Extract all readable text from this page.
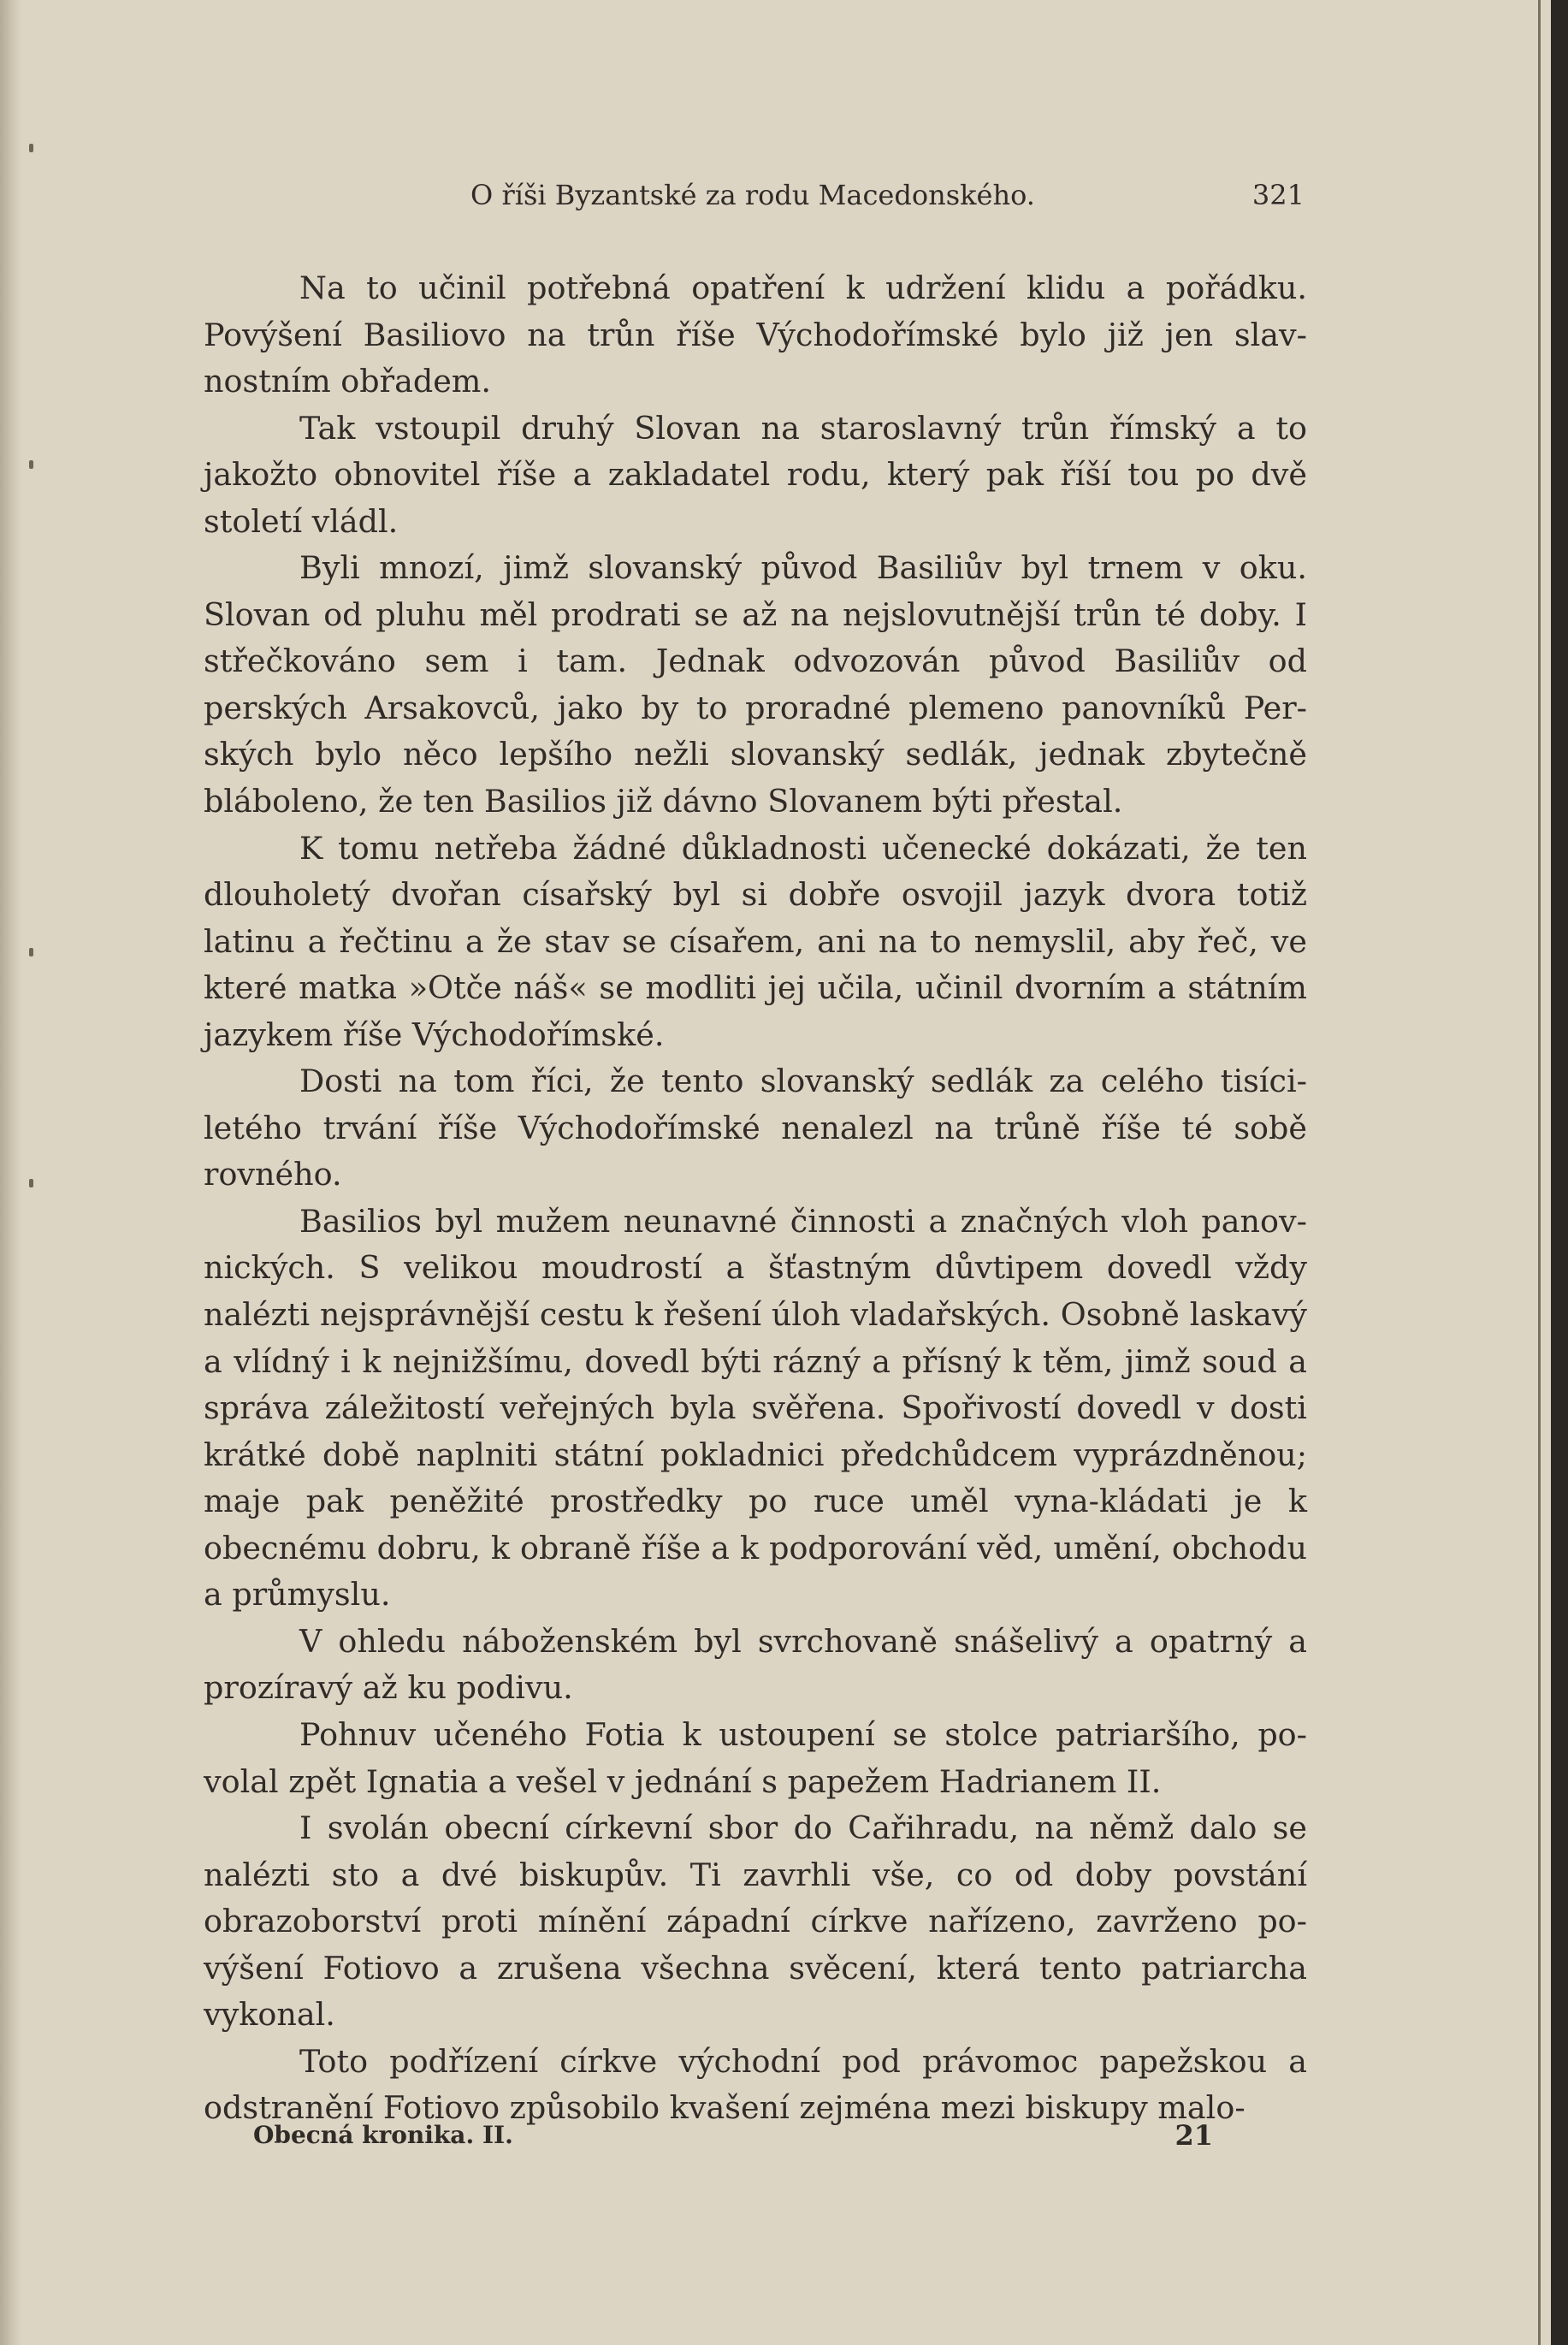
O říši Byzantské za rodu Macedonského.	321

Na to učinil potřebná opatření k udržení klidu a pořádku. Povýšení Basiliovo na trůn říše Východořímské bylo již jen slav-nostním obřadem.

Tak vstoupil druhý Slovan na staroslavný trůn římský a to jakožto obnovitel říše a zakladatel rodu, který pak říší tou po dvě století vládl.

Byli mnozí, jimž slovanský původ Basiliův byl trnem v oku. Slovan od pluhu měl prodrati se až na nejslovutnější trůn té doby. I střečkováno sem i tam. Jednak odvozován původ Basiliův od perských Arsakovců, jako by to proradné plemeno panovníků Per-ských bylo něco lepšího nežli slovanský sedlák, jednak zbytečně bláboleno, že ten Basilios již dávno Slovanem býti přestal.

K tomu netřeba žádné důkladnosti učenecké dokázati, že ten dlouholetý dvořan císařský byl si dobře osvojil jazyk dvora totiž latinu a řečtinu a že stav se císařem, ani na to nemyslil, aby řeč, ve které matka »Otče náš« se modliti jej učila, učinil dvorním a státním jazykem říše Východořímské.

Dosti na tom říci, že tento slovanský sedlák za celého tisíci-letého trvání říše Východořímské nenalezl na trůně říše té sobě rovného.

Basilios byl mužem neunavné činnosti a značných vloh panov-nických. S velikou moudrostí a šťastným důvtipem dovedl vždy nalézti nejsprávnější cestu k řešení úloh vladařských. Osobně laskavý a vlídný i k nejnižšímu, dovedl býti rázný a přísný k těm, jimž soud a správa záležitostí veřejných byla svěřena. Spořivostí dovedl v dosti krátké době naplniti státní pokladnici předchůdcem vyprázdněnou; maje pak peněžité prostředky po ruce uměl vyna-kládati je k obecnému dobru, k obraně říše a k podporování věd, umění, obchodu a průmyslu.

V ohledu náboženském byl svrchovaně snášelivý a opatrný a prozíravý až ku podivu.

Pohnuv učeného Fotia k ustoupení se stolce patriaršího, po-volal zpět Ignatia a vešel v jednání s papežem Hadrianem II.

I svolán obecní církevní sbor do Cařihradu, na němž dalo se nalézti sto a dvé biskupův. Ti zavrhli vše, co od doby povstání obrazoborství proti mínění západní církve nařízeno, zavrženo po-výšení Fotiovo a zrušena všechna svěcení, která tento patriarcha vykonal.

Toto podřízení církve východní pod právomoc papežskou a odstranění Fotiovo způsobilo kvašení zejména mezi biskupy malo-

Obecná kronika. II.	21
